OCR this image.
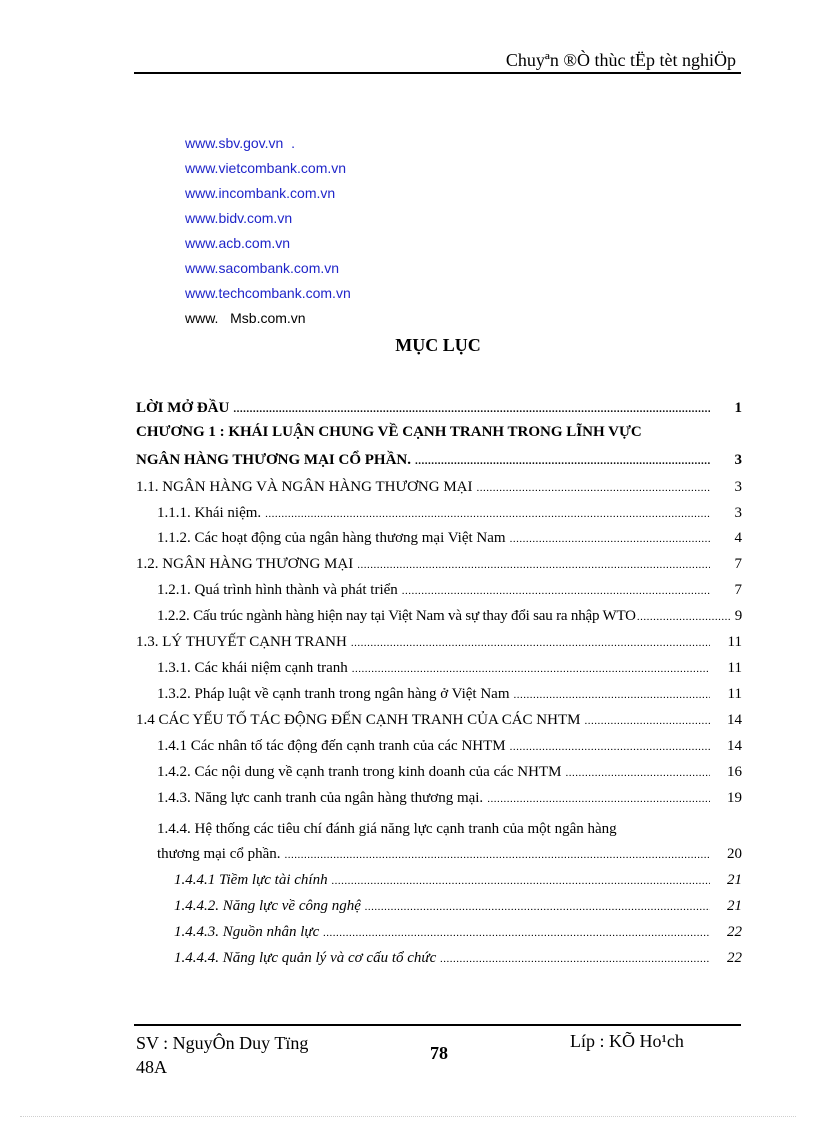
Chuyªn ®Ò thùc tËp tèt nghiÖp
www.sbv.gov.vn  .
www.vietcombank.com.vn
www.incombank.com.vn
www.bidv.com.vn
www.acb.com.vn
www.sacombank.com.vn
www.techcombank.com.vn
www.   Msb.com.vn
MỤC LỤC
LỜI MỞ ĐẦU .....	1
CHƯƠNG 1 : KHÁI LUẬN CHUNG VỀ CẠNH TRANH TRONG LĨNH VỰC
NGÂN HÀNG THƯƠNG MẠI CỔ PHẦN. .....	3
1.1. NGÂN HÀNG VÀ NGÂN HÀNG THƯƠNG MẠI .....	3
1.1.1. Khái niệm. .....	3
1.1.2. Các hoạt động của ngân hàng thương mại Việt Nam .....	4
1.2. NGÂN HÀNG THƯƠNG MẠI .....	7
1.2.1. Quá trình hình thành và phát triển .....	7
1.2.2. Cấu trúc ngành hàng hiện nay tại Việt Nam và sự thay đổi sau ra nhập WTO .....	9
1.3. LÝ THUYẾT CẠNH TRANH .....	11
1.3.1. Các khái niệm cạnh tranh .....	11
1.3.2. Pháp luật về cạnh tranh trong ngân hàng ở Việt Nam .....	11
1.4 CÁC YẾU TỐ TÁC ĐỘNG ĐẾN CẠNH TRANH CỦA CÁC NHTM .....	14
1.4.1 Các nhân tố tác động đến cạnh tranh của các NHTM .....	14
1.4.2. Các nội dung về cạnh tranh trong kinh doanh của các NHTM .....	16
1.4.3. Năng lực canh tranh của ngân hàng thương mại. .....	19
1.4.4. Hệ thống các tiêu chí đánh giá năng lực cạnh tranh của một ngân hàng
thương mại cổ phần. .....	20
1.4.4.1 Tiềm lực tài chính .....	21
1.4.4.2. Năng lực về công nghệ .....	21
1.4.4.3. Nguồn nhân lực .....	22
1.4.4.4. Năng lực quản lý và cơ cấu tổ chức .....	22
SV : NguyÔn Duy Tïng
48A
78
Líp : KÕ Ho¹ch
